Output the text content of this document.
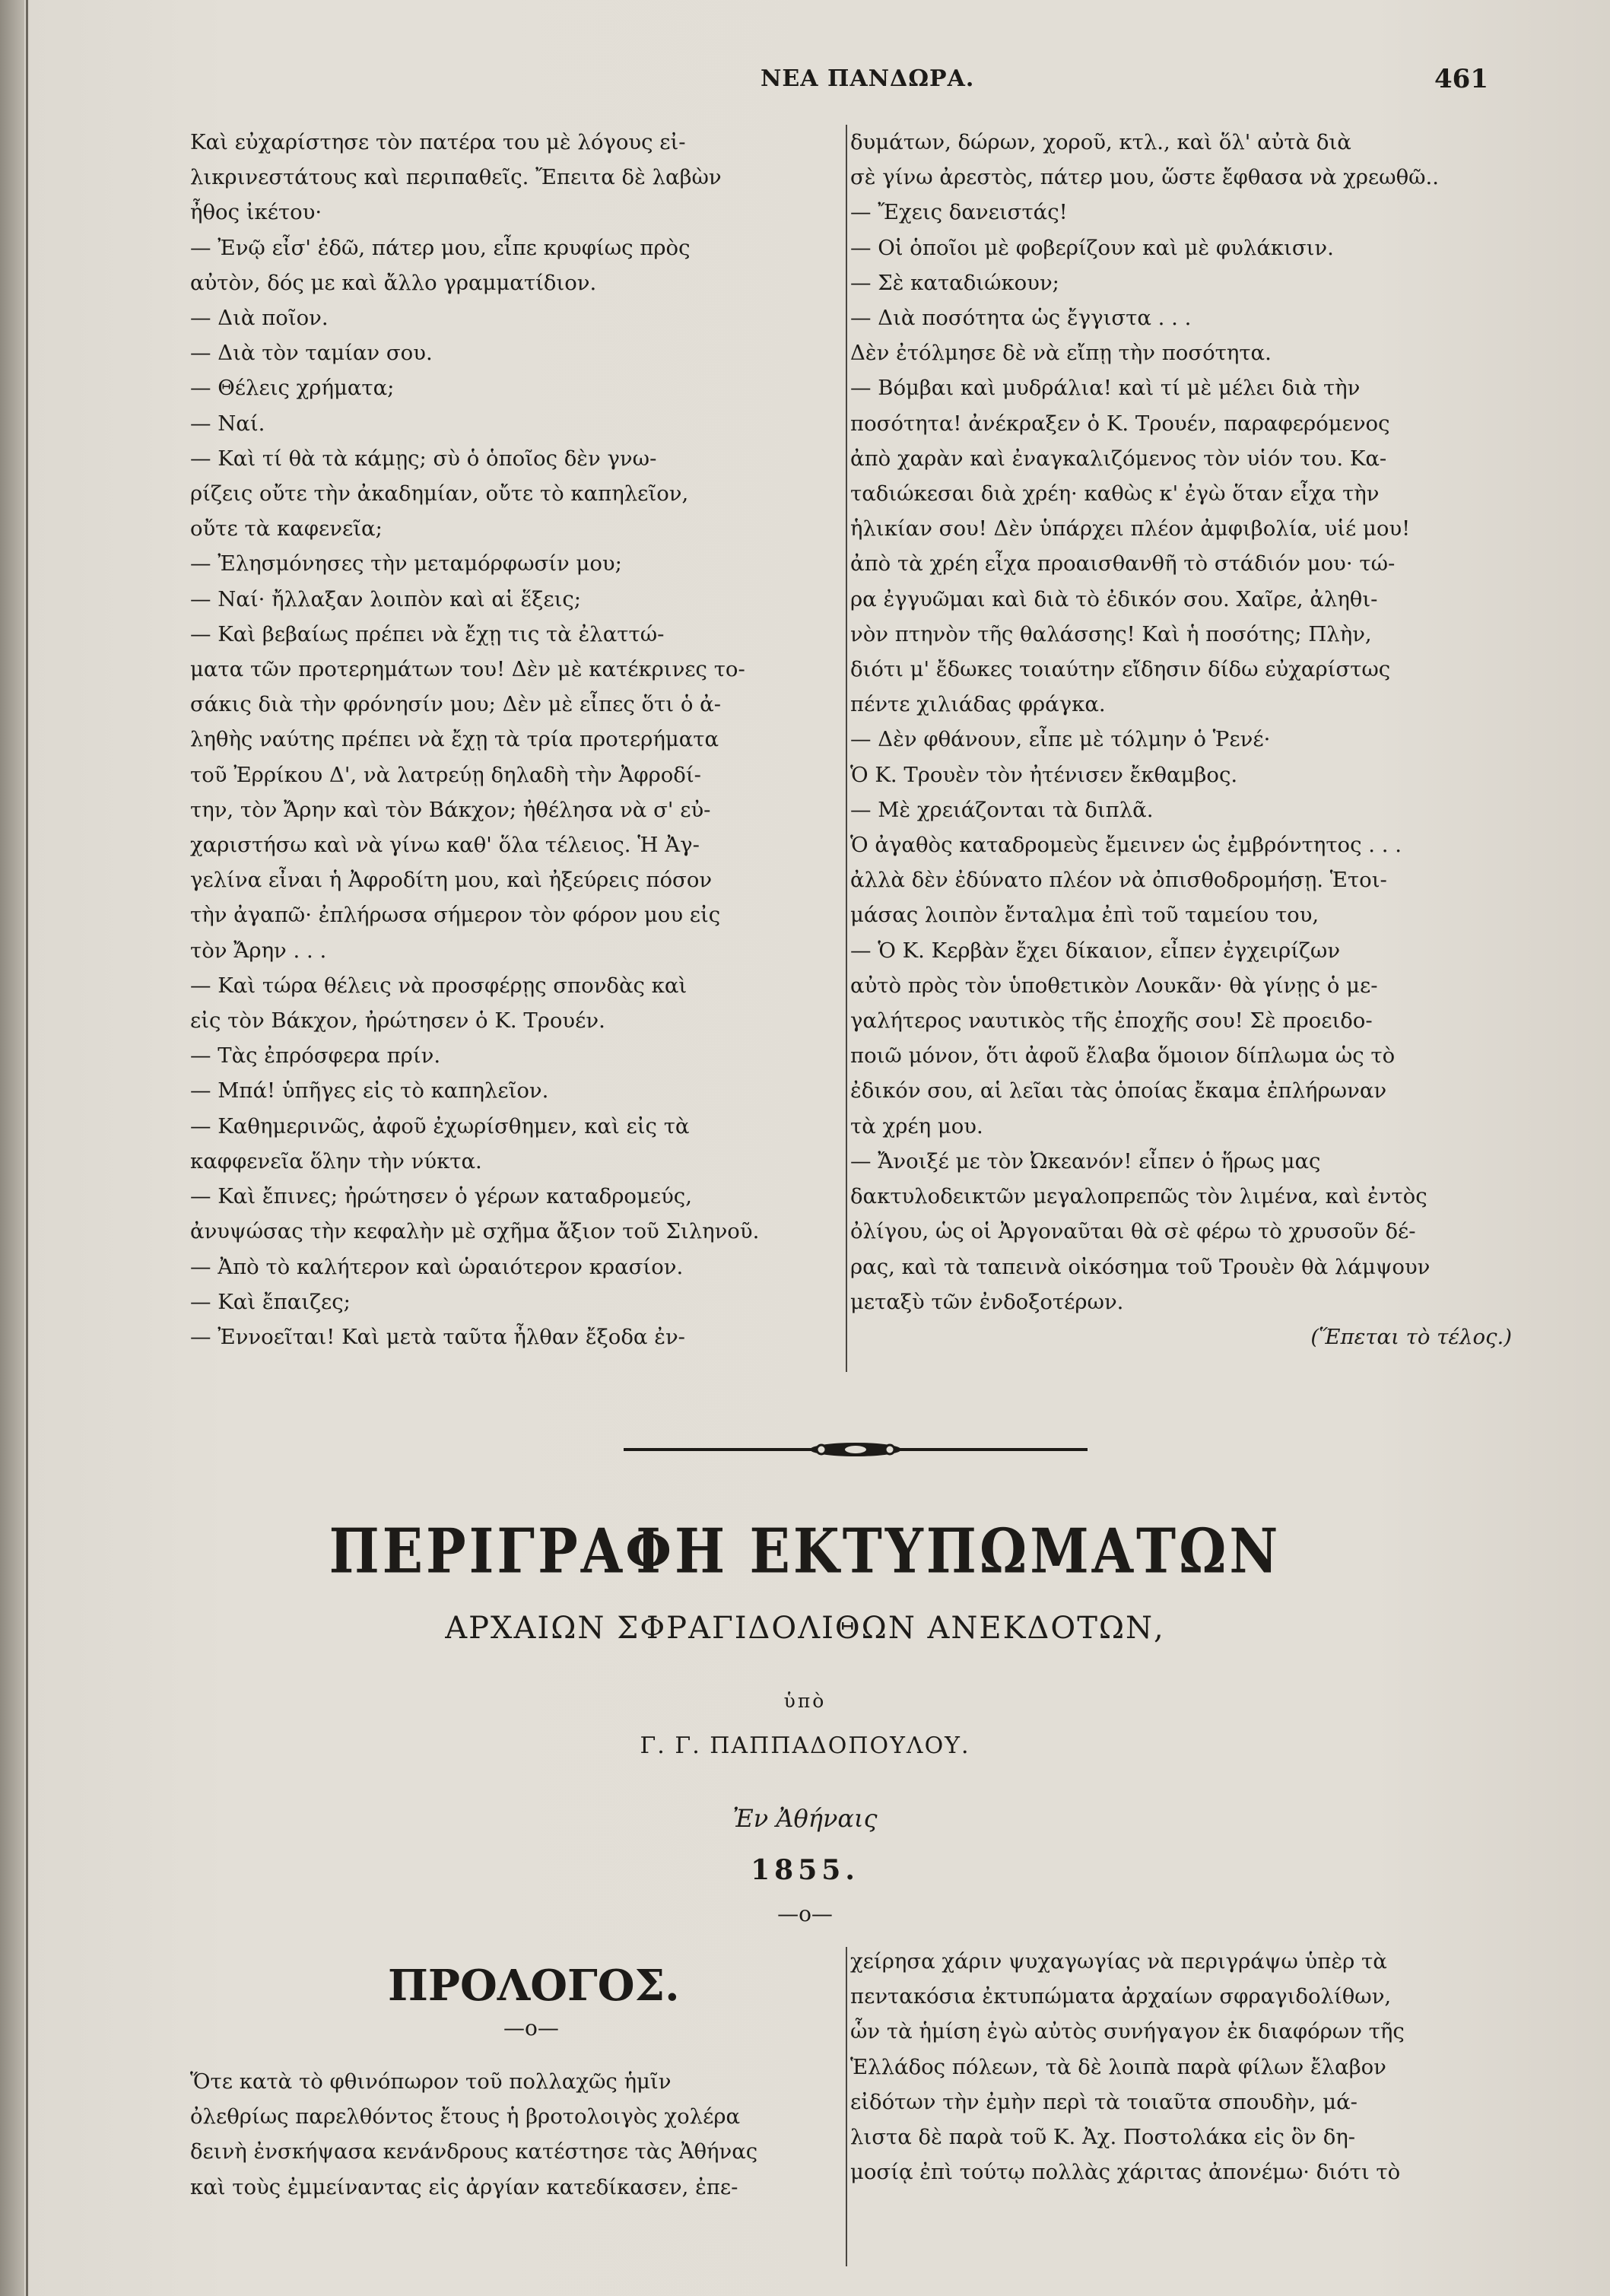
ΝΕΑ ΠΑΝΔΩΡΑ.	461
Καὶ εὐχαρίστησε τὸν πατέρα του μὲ λόγους εἰ-
λικρινεστάτους καὶ περιπαθεῖς. Ἔπειτα δὲ λαβὼν
ἦθος ἰκέτου·
— Ἐνῷ εἶσ' ἐδῶ, πάτερ μου, εἶπε κρυφίως πρὸς
αὐτὸν, δός με καὶ ἄλλο γραμματίδιον.
— Διὰ ποῖον.
— Διὰ τὸν ταμίαν σου.
— Θέλεις χρήματα;
— Ναί.
— Καὶ τί θὰ τὰ κάμῃς; σὺ ὁ ὁποῖος δὲν γνω-
ρίζεις οὔτε τὴν ἀκαδημίαν, οὔτε τὸ καπηλεῖον,
οὔτε τὰ καφενεῖα;
— Ἐλησμόνησες τὴν μεταμόρφωσίν μου;
— Ναί· ἤλλαξαν λοιπὸν καὶ αἱ ἕξεις;
— Καὶ βεβαίως πρέπει νὰ ἔχῃ τις τὰ ἐλαττώ-
ματα τῶν προτερημάτων του! Δὲν μὲ κατέκρινες το-
σάκις διὰ τὴν φρόνησίν μου; Δὲν μὲ εἶπες ὅτι ὁ ἀ-
ληθὴς ναύτης πρέπει νὰ ἔχῃ τὰ τρία προτερήματα
τοῦ Ἐρρίκου Δ', νὰ λατρεύῃ δηλαδὴ τὴν Ἀφροδί-
την, τὸν Ἄρην καὶ τὸν Βάκχον; ἠθέλησα νὰ σ' εὐ-
χαριστήσω καὶ νὰ γίνω καθ' ὅλα τέλειος. Ἡ Ἀγ-
γελίνα εἶναι ἡ Ἀφροδίτη μου, καὶ ἠξεύρεις πόσον
τὴν ἀγαπῶ· ἐπλήρωσα σήμερον τὸν φόρον μου εἰς
τὸν Ἄρην . . .
— Καὶ τώρα θέλεις νὰ προσφέρῃς σπονδὰς καὶ
εἰς τὸν Βάκχον, ἠρώτησεν ὁ Κ. Τρουέν.
— Τὰς ἐπρόσφερα πρίν.
— Μπά! ὑπῆγες εἰς τὸ καπηλεῖον.
— Καθημερινῶς, ἀφοῦ ἐχωρίσθημεν, καὶ εἰς τὰ
καφφενεῖα ὅλην τὴν νύκτα.
— Καὶ ἔπινες; ἠρώτησεν ὁ γέρων καταδρομεύς,
ἀνυψώσας τὴν κεφαλὴν μὲ σχῆμα ἄξιον τοῦ Σιληνοῦ.
— Ἀπὸ τὸ καλήτερον καὶ ὡραιότερον κρασίον.
— Καὶ ἔπαιζες;
— Ἐννοεῖται! Καὶ μετὰ ταῦτα ἦλθαν ἔξοδα ἐν-
δυμάτων, δώρων, χοροῦ, κτλ., καὶ ὅλ' αὐτὰ διὰ
σὲ γίνω ἀρεστὸς, πάτερ μου, ὥστε ἔφθασα νὰ χρεωθῶ..
— Ἔχεις δανειστάς!
— Οἱ ὁποῖοι μὲ φοβερίζουν καὶ μὲ φυλάκισιν.
— Σὲ καταδιώκουν;
— Διὰ ποσότητα ὡς ἔγγιστα . . .
Δὲν ἐτόλμησε δὲ νὰ εἴπῃ τὴν ποσότητα.
— Βόμβαι καὶ μυδράλια! καὶ τί μὲ μέλει διὰ τὴν
ποσότητα! ἀνέκραξεν ὁ Κ. Τρουέν, παραφερόμενος
ἀπὸ χαρὰν καὶ ἐναγκαλιζόμενος τὸν υἱόν του. Κα-
ταδιώκεσαι διὰ χρέη· καθὼς κ' ἐγὼ ὅταν εἶχα τὴν
ἡλικίαν σου! Δὲν ὑπάρχει πλέον ἀμφιβολία, υἱέ μου!
ἀπὸ τὰ χρέη εἶχα προαισθανθῆ τὸ στάδιόν μου· τώ-
ρα ἐγγυῶμαι καὶ διὰ τὸ ἐδικόν σου. Χαῖρε, ἀληθι-
νὸν πτηνὸν τῆς θαλάσσης! Καὶ ἡ ποσότης; Πλὴν,
διότι μ' ἔδωκες τοιαύτην εἴδησιν δίδω εὐχαρίστως
πέντε χιλιάδας φράγκα.
— Δὲν φθάνουν, εἶπε μὲ τόλμην ὁ Ῥενέ·
Ὁ Κ. Τρουὲν τὸν ἠτένισεν ἔκθαμβος.
— Μὲ χρειάζονται τὰ διπλᾶ.
Ὁ ἀγαθὸς καταδρομεὺς ἔμεινεν ὡς ἐμβρόντητος . . .
ἀλλὰ δὲν ἐδύνατο πλέον νὰ ὀπισθοδρομήσῃ. Ἑτοι-
μάσας λοιπὸν ἔνταλμα ἐπὶ τοῦ ταμείου του,
— Ὁ Κ. Κερβὰν ἔχει δίκαιον, εἶπεν ἐγχειρίζων
αὐτὸ πρὸς τὸν ὑποθετικὸν Λουκᾶν· θὰ γίνῃς ὁ με-
γαλήτερος ναυτικὸς τῆς ἐποχῆς σου! Σὲ προειδο-
ποιῶ μόνον, ὅτι ἀφοῦ ἔλαβα ὅμοιον δίπλωμα ὡς τὸ
ἐδικόν σου, αἱ λεῖαι τὰς ὁποίας ἔκαμα ἐπλήρωναν
τὰ χρέη μου.
— Ἄνοιξέ με τὸν Ὠκεανόν! εἶπεν ὁ ἥρως μας
δακτυλοδεικτῶν μεγαλοπρεπῶς τὸν λιμένα, καὶ ἐντὸς
ὀλίγου, ὡς οἱ Ἀργοναῦται θὰ σὲ φέρω τὸ χρυσοῦν δέ-
ρας, καὶ τὰ ταπεινὰ οἰκόσημα τοῦ Τρουὲν θὰ λάμψουν
μεταξὺ τῶν ἐνδοξοτέρων.
(Ἕπεται τὸ τέλος.)
ΠΕΡΙΓΡΑΦΗ ΕΚΤΥΠΩΜΑΤΩΝ
ΑΡΧΑΙΩΝ ΣΦΡΑΓΙΔΟΛΙΘΩΝ ΑΝΕΚΔΟΤΩΝ,
ὑπὸ
Γ. Γ. ΠΑΠΠΑΔΟΠΟΥΛΟΥ.
Ἐν Ἀθήναις
1855.
—o—
ΠΡΟΛΟΓΟΣ.
—o—
Ὅτε κατὰ τὸ φθινόπωρον τοῦ πολλαχῶς ἡμῖν
ὀλεθρίως παρελθόντος ἔτους ἡ βροτολοιγὸς χολέρα
δεινὴ ἐνσκήψασα κενάνδρους κατέστησε τὰς Ἀθήνας
καὶ τοὺς ἐμμείναντας εἰς ἀργίαν κατεδίκασεν, ἐπε-
χείρησα χάριν ψυχαγωγίας νὰ περιγράψω ὑπὲρ τὰ
πεντακόσια ἐκτυπώματα ἀρχαίων σφραγιδολίθων,
ὧν τὰ ἡμίση ἐγὼ αὐτὸς συνήγαγον ἐκ διαφόρων τῆς
Ἑλλάδος πόλεων, τὰ δὲ λοιπὰ παρὰ φίλων ἔλαβον
εἰδότων τὴν ἐμὴν περὶ τὰ τοιαῦτα σπουδὴν, μά-
λιστα δὲ παρὰ τοῦ Κ. Ἀχ. Ποστολάκα εἰς ὃν δη-
μοσίᾳ ἐπὶ τούτῳ πολλὰς χάριτας ἀπονέμω· διότι τὸ
